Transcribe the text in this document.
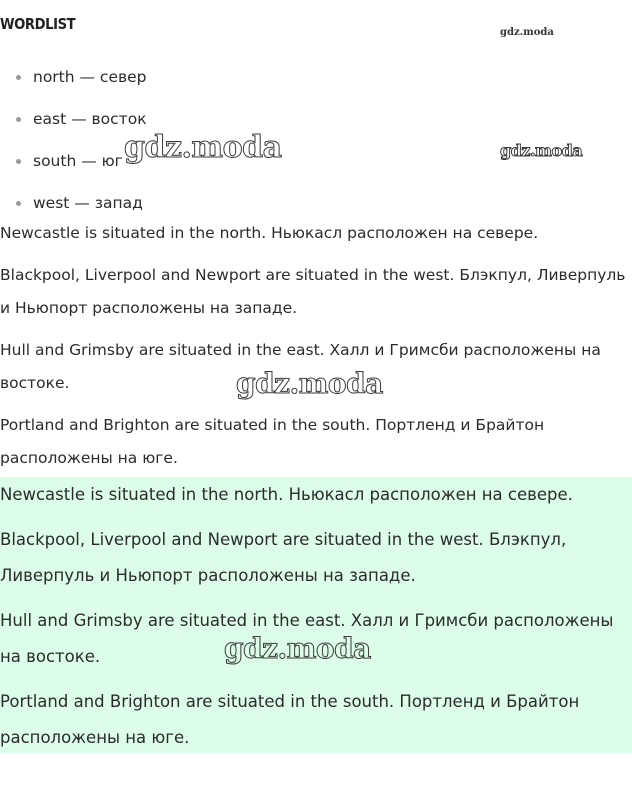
WORDLIST
north — север
east — восток
south — юг
west — запад

Newcastle is situated in the north. Ньюкасл расположен на севере.

Blackpool, Liverpool and Newport are situated in the west. Блэкпул, Ливерпуль и Ньюпорт расположены на западе.

Hull and Grimsby are situated in the east. Халл и Гримсби расположены на востоке.

Portland and Brighton are situated in the south. Портленд и Брайтон расположены на юге.

Newcastle is situated in the north. Ньюкасл расположен на севере.

Blackpool, Liverpool and Newport are situated in the west. Блэкпул, Ливерпуль и Ньюпорт расположены на западе.

Hull and Grimsby are situated in the east. Халл и Гримсби расположены на востоке.

Portland and Brighton are situated in the south. Портленд и Брайтон расположены на юге.

gdz.moda
gdz.moda	gdz.moda
gdz.moda
gdz.moda
